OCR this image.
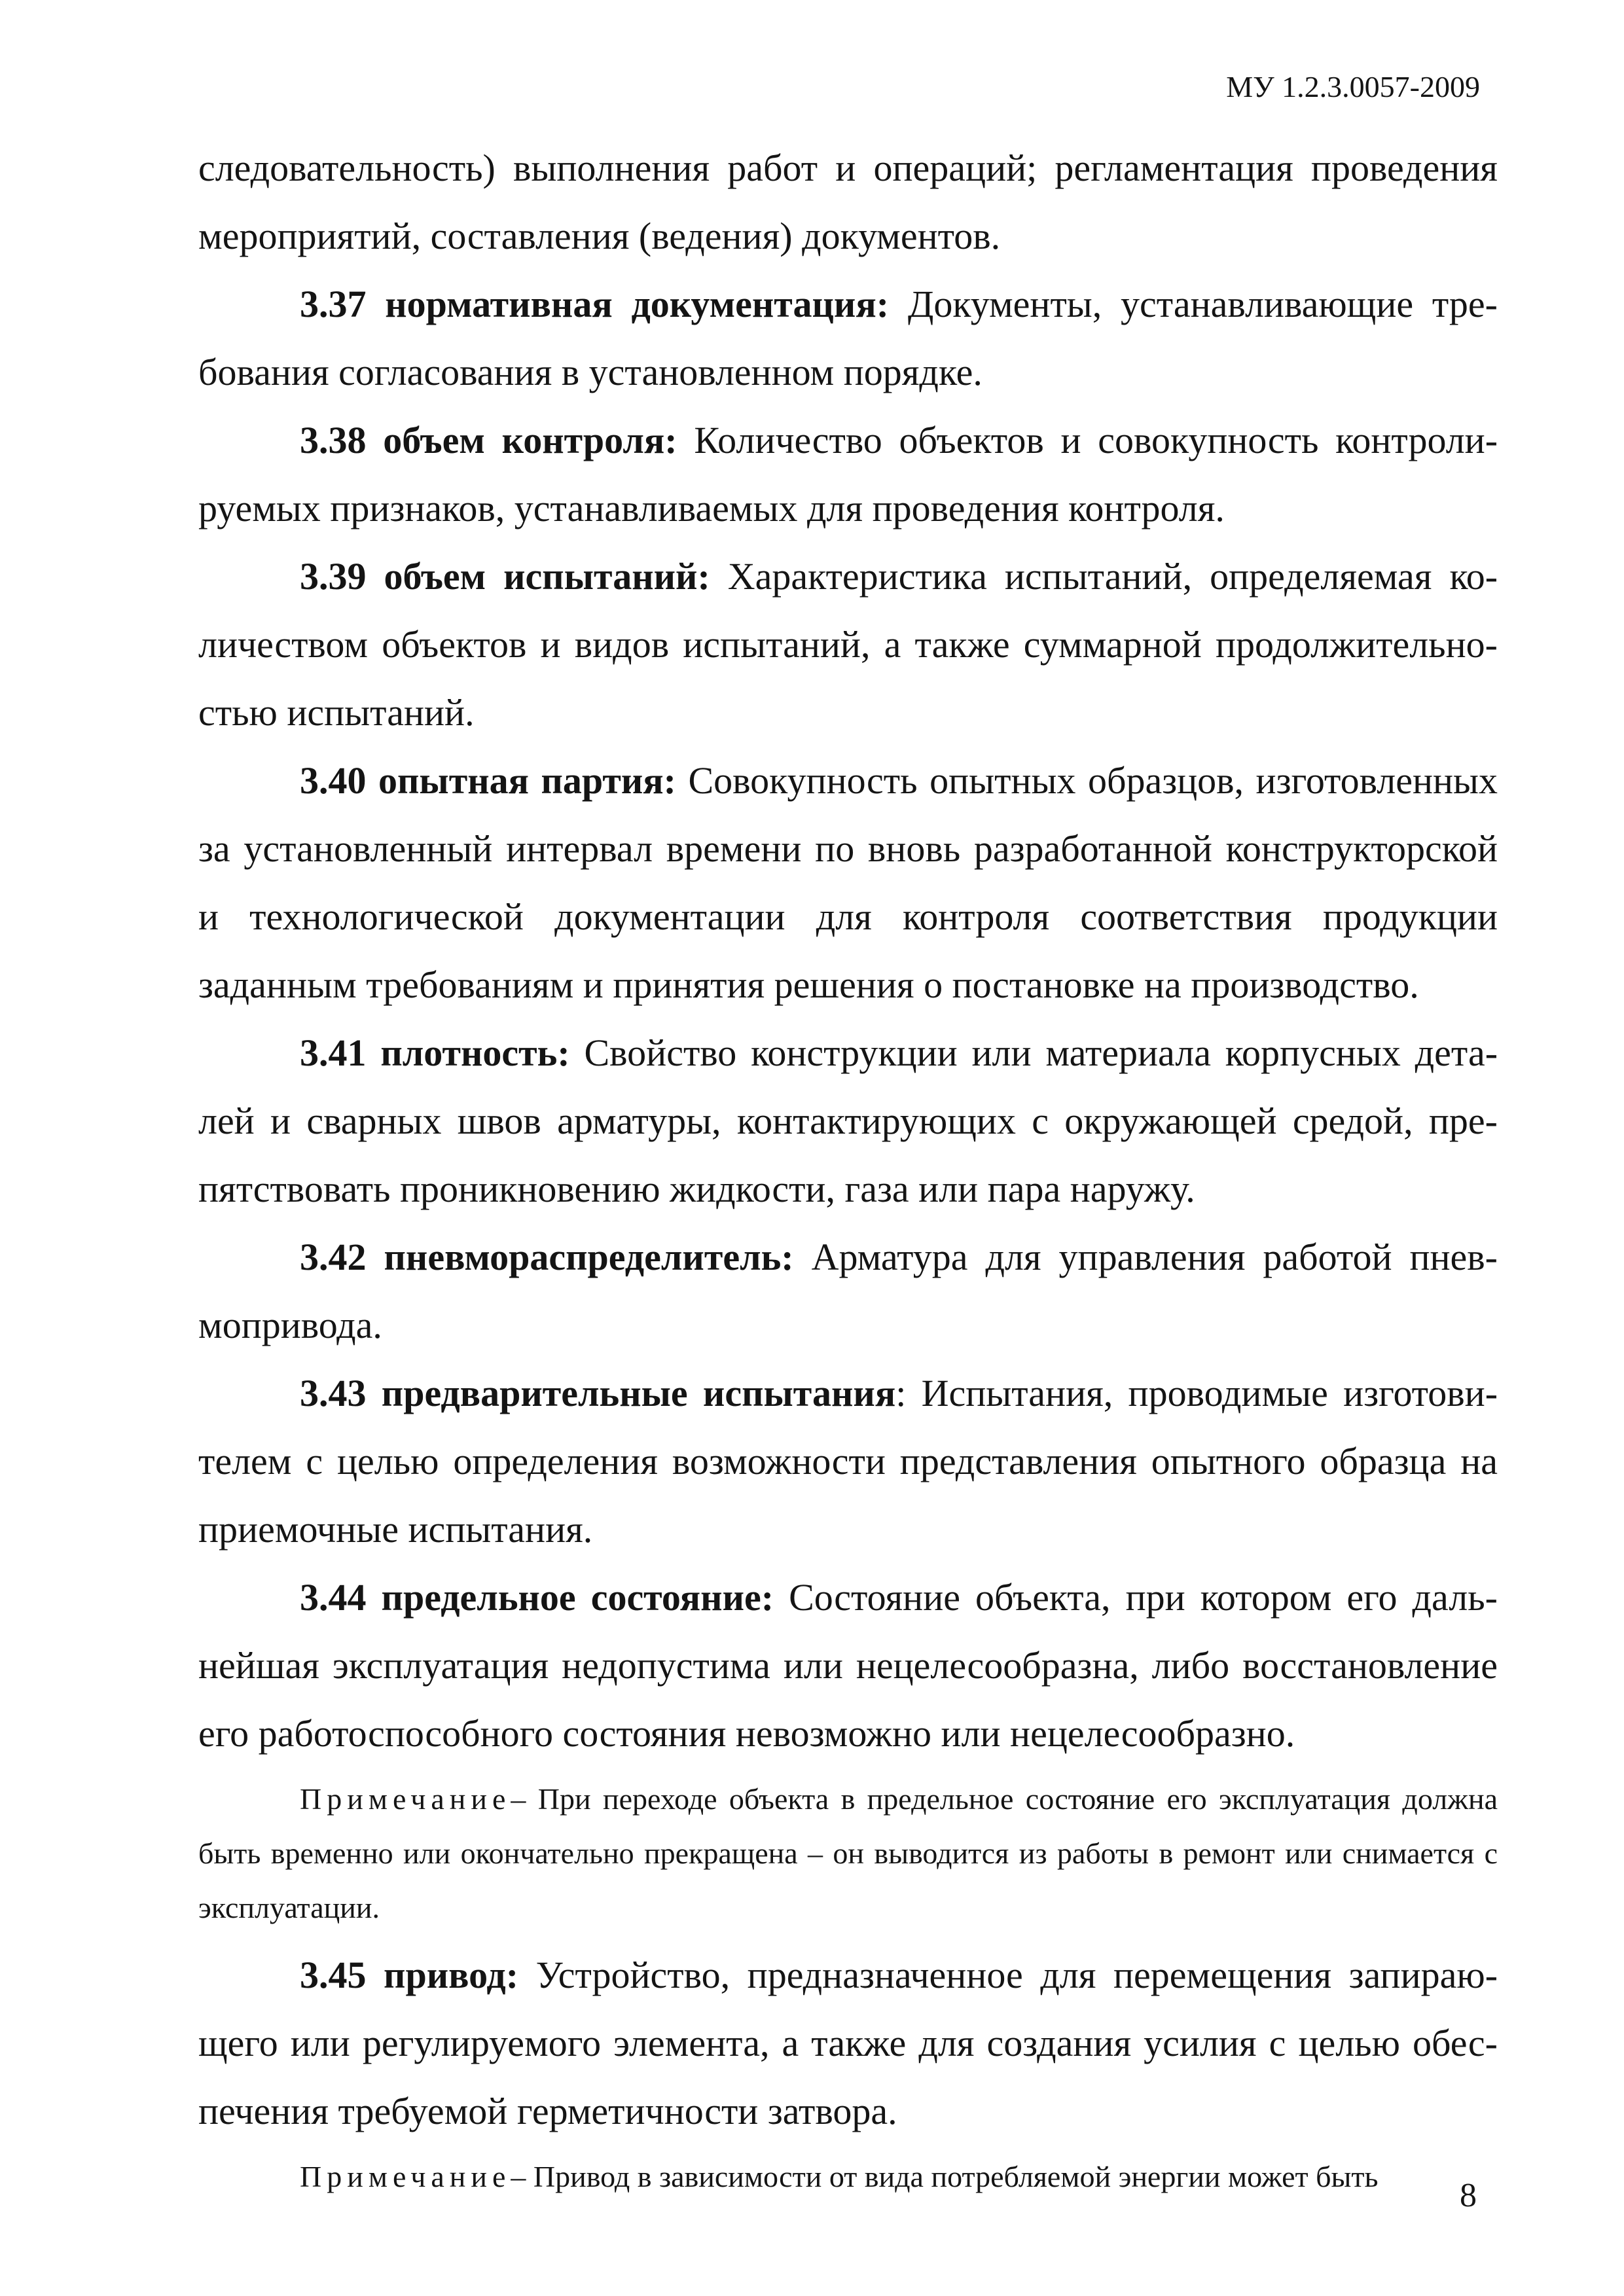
МУ 1.2.3.0057-2009

следовательность) выполнения работ и операций; регламентация проведения мероприятий, составления (ведения) документов.

3.37 нормативная документация: Документы, устанавливающие требования согласования в установленном порядке.

3.38 объем контроля: Количество объектов и совокупность контролируемых признаков, устанавливаемых для проведения контроля.

3.39 объем испытаний: Характеристика испытаний, определяемая количеством объектов и видов испытаний, а также суммарной продолжительностью испытаний.

3.40 опытная партия: Совокупность опытных образцов, изготовленных за установленный интервал времени по вновь разработанной конструкторской и технологической документации для контроля соответствия продукции заданным требованиям и принятия решения о постановке на производство.

3.41 плотность: Свойство конструкции или материала корпусных деталей и сварных швов арматуры, контактирующих с окружающей средой, препятствовать проникновению жидкости, газа или пара наружу.

3.42 пневмораспределитель: Арматура для управления работой пневмопривода.

3.43 предварительные испытания: Испытания, проводимые изготовителем с целью определения возможности представления опытного образца на приемочные испытания.

3.44 предельное состояние: Состояние объекта, при котором его дальнейшая эксплуатация недопустима или нецелесообразна, либо восстановление его работоспособного состояния невозможно или нецелесообразно.

Примечание– При переходе объекта в предельное состояние его эксплуатация должна быть временно или окончательно прекращена – он выводится из работы в ремонт или снимается с эксплуатации.

3.45 привод: Устройство, предназначенное для перемещения запирающего или регулируемого элемента, а также для создания усилия с целью обеспечения требуемой герметичности затвора.

Примечание– Привод в зависимости от вида потребляемой энергии может быть

8
